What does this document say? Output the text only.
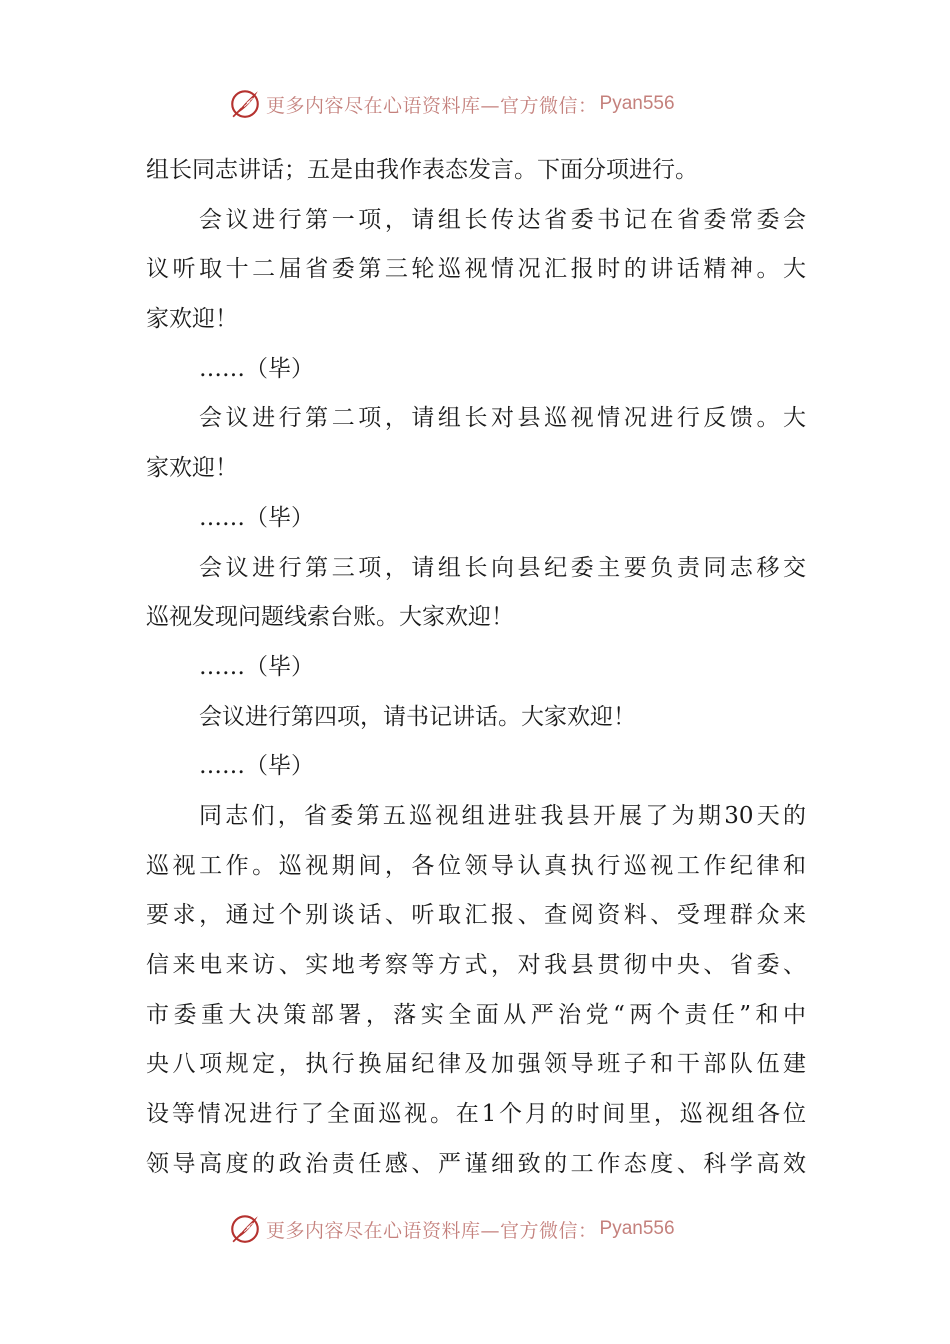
更多内容尽在心语资料库—官方微信： Pyan556
组长同志讲话；五是由我作表态发言。下面分项进行。
会议进行第一项，请组长传达省委书记在省委常委会
议听取十二届省委第三轮巡视情况汇报时的讲话精神。大
家欢迎！
……（毕）
会议进行第二项，请组长对县巡视情况进行反馈。大
家欢迎！
……（毕）
会议进行第三项，请组长向县纪委主要负责同志移交
巡视发现问题线索台账。大家欢迎！
……（毕）
会议进行第四项，请书记讲话。大家欢迎！
……（毕）
同志们，省委第五巡视组进驻我县开展了为期30天的
巡视工作。巡视期间，各位领导认真执行巡视工作纪律和
要求，通过个别谈话、听取汇报、查阅资料、受理群众来
信来电来访、实地考察等方式，对我县贯彻中央、省委、
市委重大决策部署，落实全面从严治党“两个责任”和中
央八项规定，执行换届纪律及加强领导班子和干部队伍建
设等情况进行了全面巡视。在1个月的时间里，巡视组各位
领导高度的政治责任感、严谨细致的工作态度、科学高效
更多内容尽在心语资料库—官方微信： Pyan556
